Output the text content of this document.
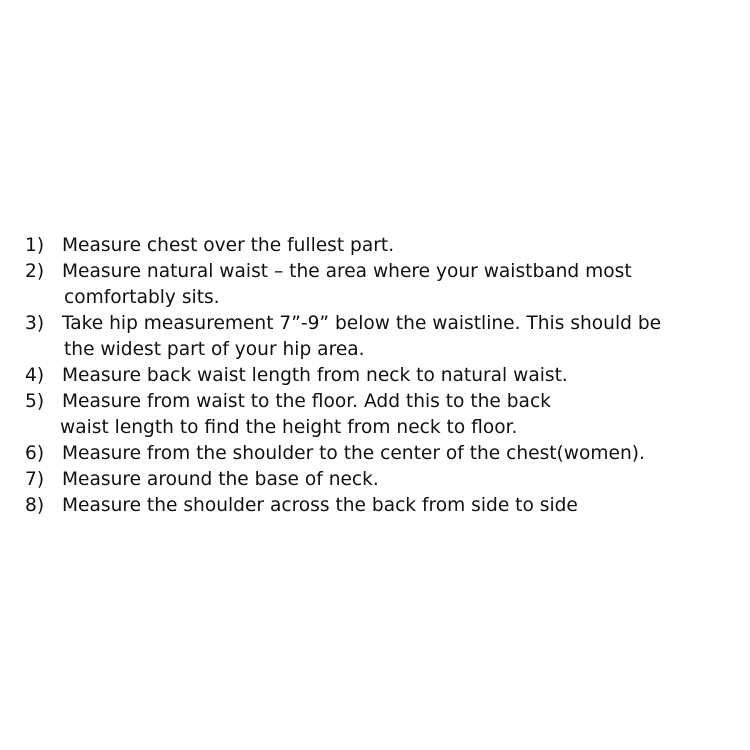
1) Measure chest over the fullest part.
2) Measure natural waist – the area where your waistband most
comfortably sits.
3) Take hip measurement 7”-9” below the waistline. This should be
the widest part of your hip area.
4) Measure back waist length from neck to natural waist.
5) Measure from waist to the floor. Add this to the back
waist length to find the height from neck to floor.
6) Measure from the shoulder to the center of the chest(women).
7) Measure around the base of neck.
8) Measure the shoulder across the back from side to side
